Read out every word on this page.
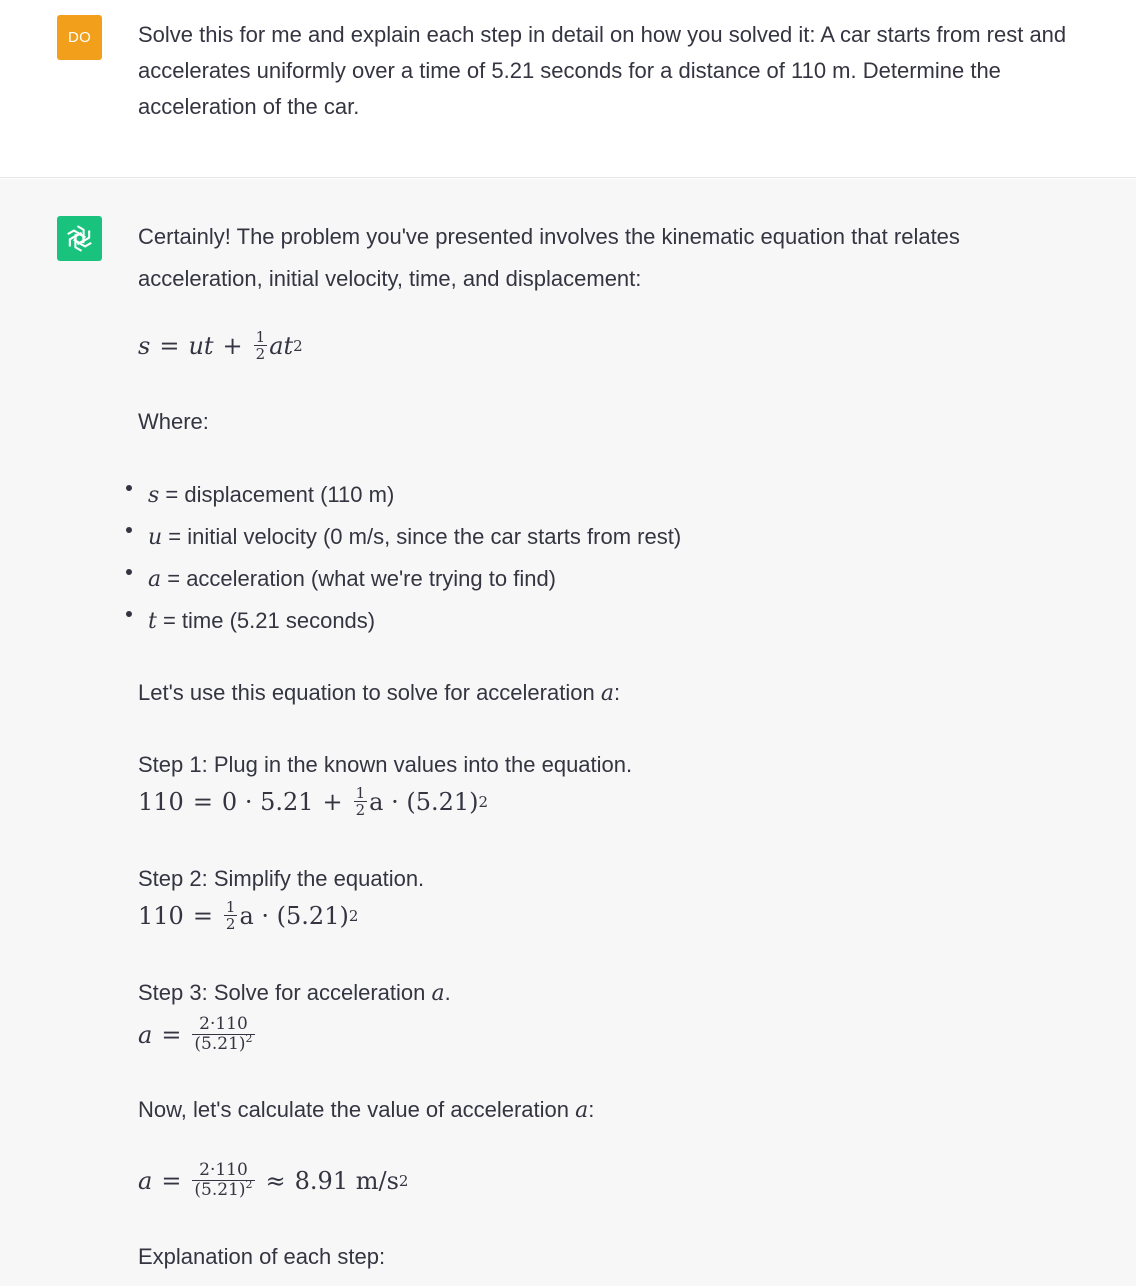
DO	Solve this for me and explain each step in detail on how you solved it: A car starts from rest and accelerates uniformly over a time of 5.21 seconds for a distance of 110 m. Determine the acceleration of the car.
Certainly! The problem you've presented involves the kinematic equation that relates
acceleration, initial velocity, time, and displacement:
s = ut + $\frac{1}{2}$ at 2
Where:
s = displacement (110 m)
u = initial velocity (0 m/s, since the car starts from rest)
a = acceleration (what we're trying to find)
t = time (5.21 seconds)
Let's use this equation to solve for acceleration a:
Step 1: Plug in the known values into the equation.
$110 = 0 \cdot 5.21 + \frac{1}{2}$ a · (5.21) 2
Step 2: Simplify the equation.
$110 = \frac{1}{2}$ a · (5.21) 2
Step 3: Solve for acceleration a.
$a = \frac{2\cdot 110}{(5.21)^2}$
Now, let's calculate the value of acceleration a:
$a = \frac{2\cdot 110}{(5.21)^2} \approx 8.91$ m/s 2
Explanation of each step:
